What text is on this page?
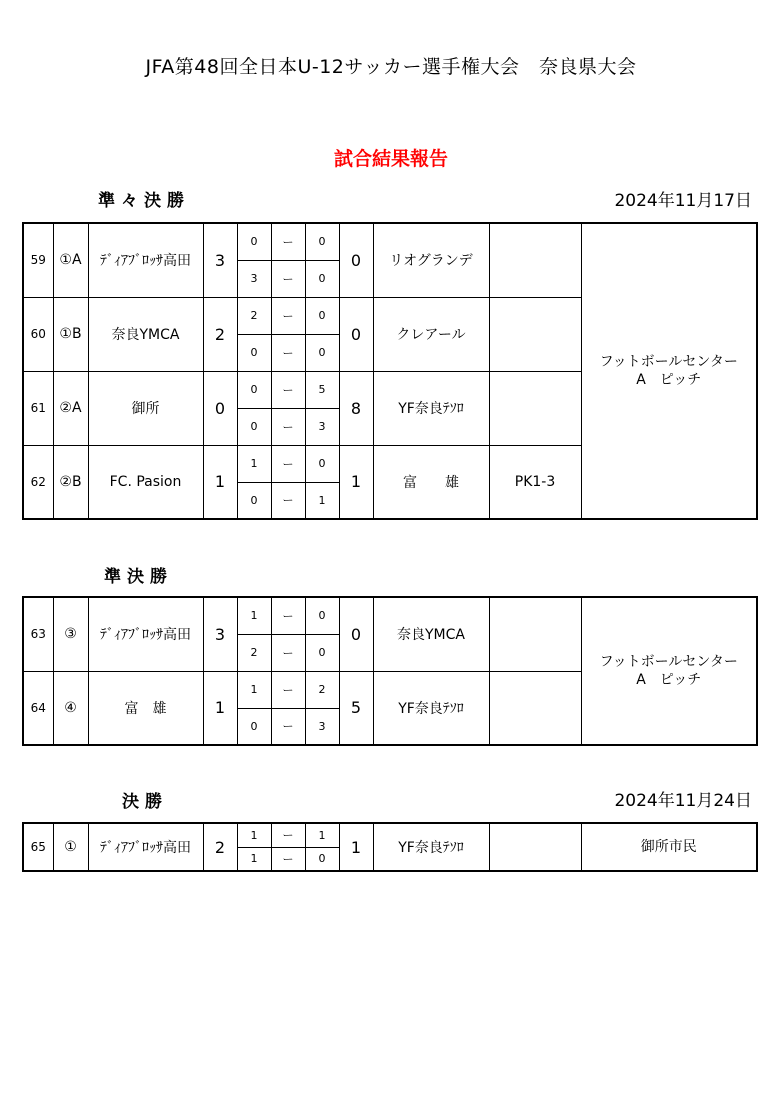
JFA第48回全日本U-12サッカー選手権大会　奈良県大会
試合結果報告
準々決勝	2024年11月17日
59	①A	ﾃﾞｨｱﾌﾞﾛｯｻ高田	3	0	ー	0	0	リオグランデ		フットボールセンター
A　ピッチ

				3	ー	0				
60	①B	奈良YMCA	2	2	ー	0	0	クレアール		
				0	ー	0				
61	②A	御所	0	0	ー	5	8	YF奈良ﾃｿﾛ		
				0	ー	3				
62	②B	FC. Pasion	1	1	ー	0	1	富　　雄	PK1-3	
				0	ー	1				
準決勝
63	③	ﾃﾞｨｱﾌﾞﾛｯｻ高田	3	1	ー	0	0	奈良YMCA		フットボールセンター
A　ピッチ

				2	ー	0				
64	④	富　雄	1	1	ー	2	5	YF奈良ﾃｿﾛ		
				0	ー	3				
決勝	2024年11月24日
65	①	ﾃﾞｨｱﾌﾞﾛｯｻ高田	2	1	ー	1	1	YF奈良ﾃｿﾛ		御所市民

				1	ー	0				
